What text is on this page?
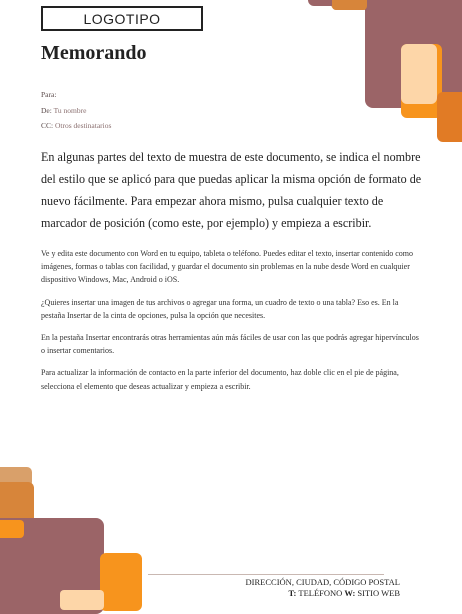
LOGOTIPO
Memorando
Para:
De: Tu nombre
CC: Otros destinatarios

En algunas partes del texto de muestra de este documento, se indica el nombre del estilo que se aplicó para que puedas aplicar la misma opción de formato de nuevo fácilmente. Para empezar ahora mismo, pulsa cualquier texto de marcador de posición (como este, por ejemplo) y empieza a escribir.

Ve y edita este documento con Word en tu equipo, tableta o teléfono. Puedes editar el texto, insertar contenido como imágenes, formas o tablas con facilidad, y guardar el documento sin problemas en la nube desde Word en cualquier dispositivo Windows, Mac, Android o iOS.

¿Quieres insertar una imagen de tus archivos o agregar una forma, un cuadro de texto o una tabla? Eso es. En la pestaña Insertar de la cinta de opciones, pulsa la opción que necesites.

En la pestaña Insertar encontrarás otras herramientas aún más fáciles de usar con las que podrás agregar hipervínculos o insertar comentarios.

Para actualizar la información de contacto en la parte inferior del documento, haz doble clic en el pie de página, selecciona el elemento que deseas actualizar y empieza a escribir.

DIRECCIÓN, CIUDAD, CÓDIGO POSTAL
T: TELÉFONO W: SITIO WEB
